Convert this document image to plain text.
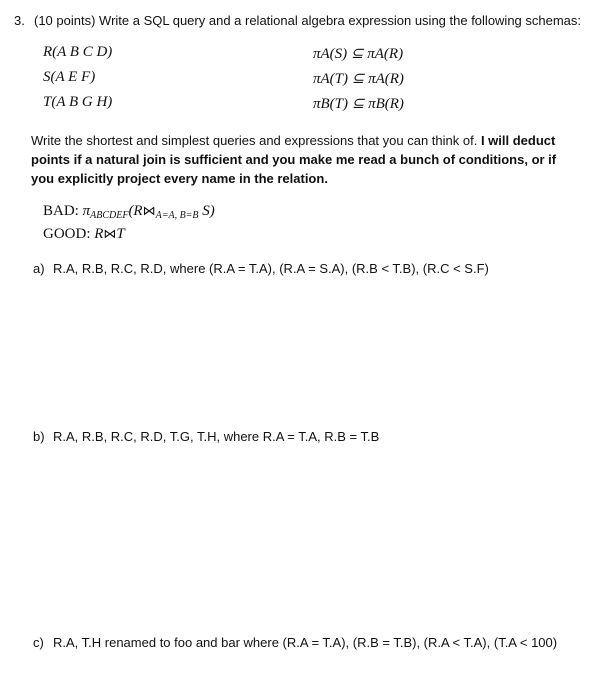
3. (10 points) Write a SQL query and a relational algebra expression using the following schemas:
R(A B C D)
S(A E F)
T(A B G H)
πA(S) ⊆ πA(R)
πA(T) ⊆ πA(R)
πB(T) ⊆ πB(R)
Write the shortest and simplest queries and expressions that you can think of. I will deduct points if a natural join is sufficient and you make me read a bunch of conditions, or if you explicitly project every name in the relation.
BAD: $\pi_{ABCDEF}(R⋈_{A=A, B=B}$ S)
GOOD: R⋈T
a) R.A, R.B, R.C, R.D, where (R.A = T.A), (R.A = S.A), (R.B < T.B), (R.C < S.F)
b) R.A, R.B, R.C, R.D, T.G, T.H, where R.A = T.A, R.B = T.B
c) R.A, T.H renamed to foo and bar where (R.A = T.A), (R.B = T.B), (R.A < T.A), (T.A < 100)
